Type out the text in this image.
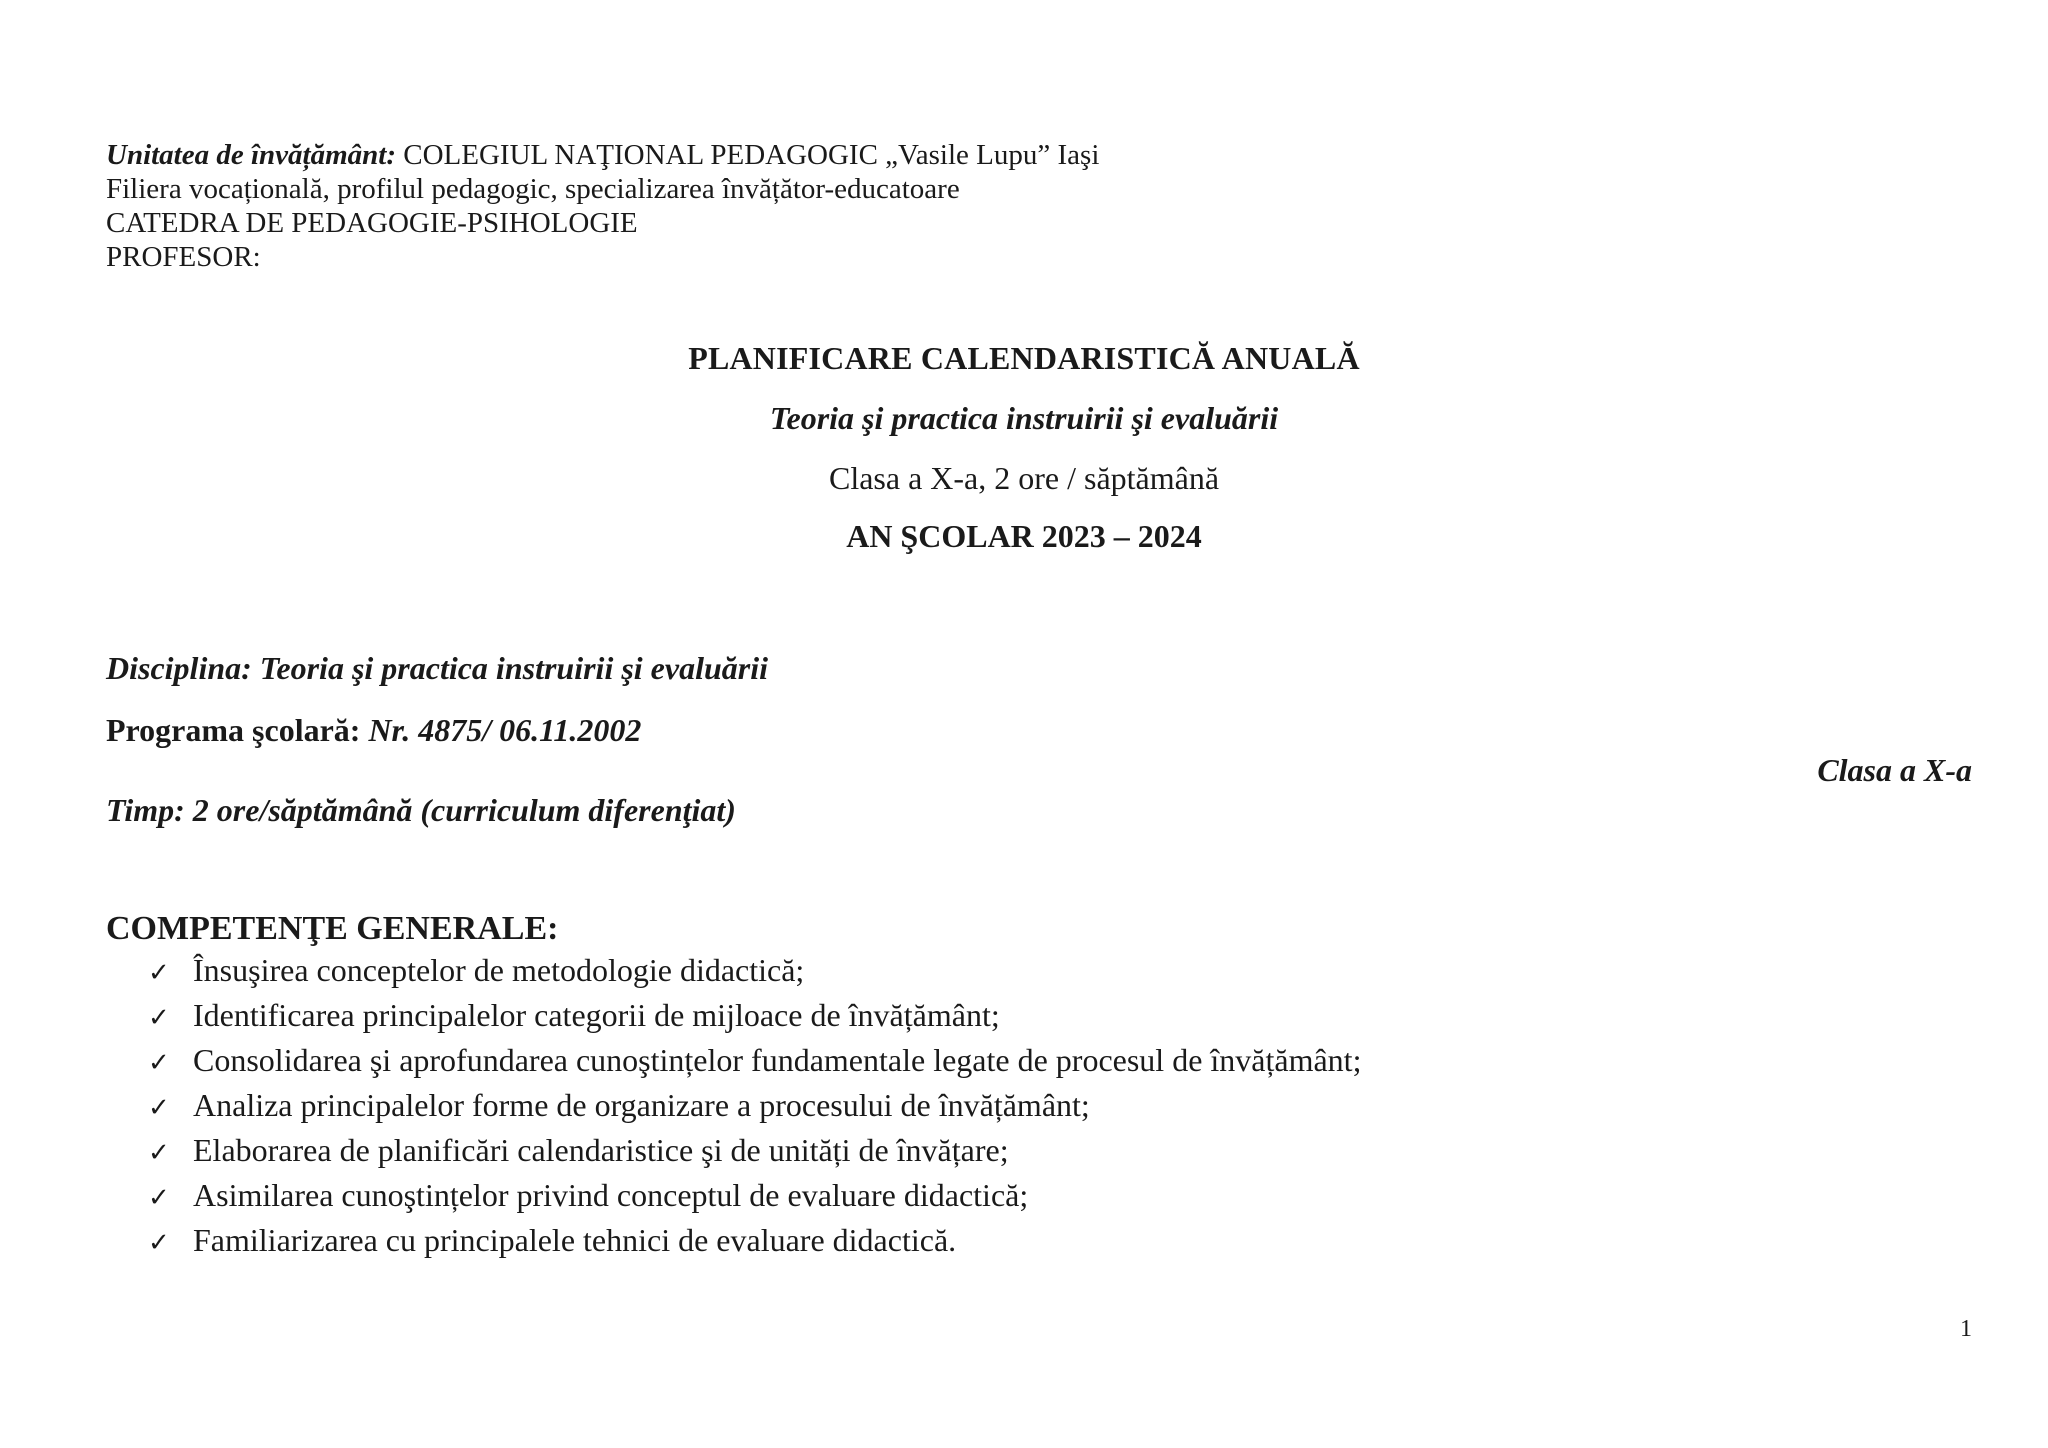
Unitatea de învățământ: COLEGIUL NAŢIONAL PEDAGOGIC „Vasile Lupu” Iaşi
Filiera vocațională, profilul pedagogic, specializarea învățător-educatoare
CATEDRA DE PEDAGOGIE-PSIHOLOGIE
PROFESOR:
PLANIFICARE CALENDARISTICĂ ANUALĂ
Teoria şi practica instruirii şi evaluării
Clasa a X-a, 2 ore / săptămână
AN ŞCOLAR 2023 – 2024
Disciplina: Teoria şi practica instruirii şi evaluării
Programa şcolară: Nr. 4875/ 06.11.2002
Clasa a X-a
Timp: 2 ore/săptămână (curriculum diferenţiat)
COMPETENŢE GENERALE:
✓ Însuşirea conceptelor de metodologie didactică;
✓ Identificarea principalelor categorii de mijloace de învățământ;
✓ Consolidarea şi aprofundarea cunoştințelor fundamentale legate de procesul de învățământ;
✓ Analiza principalelor forme de organizare a procesului de învățământ;
✓ Elaborarea de planificări calendaristice şi de unități de învățare;
✓ Asimilarea cunoştințelor privind conceptul de evaluare didactică;
✓ Familiarizarea cu principalele tehnici de evaluare didactică.
1
